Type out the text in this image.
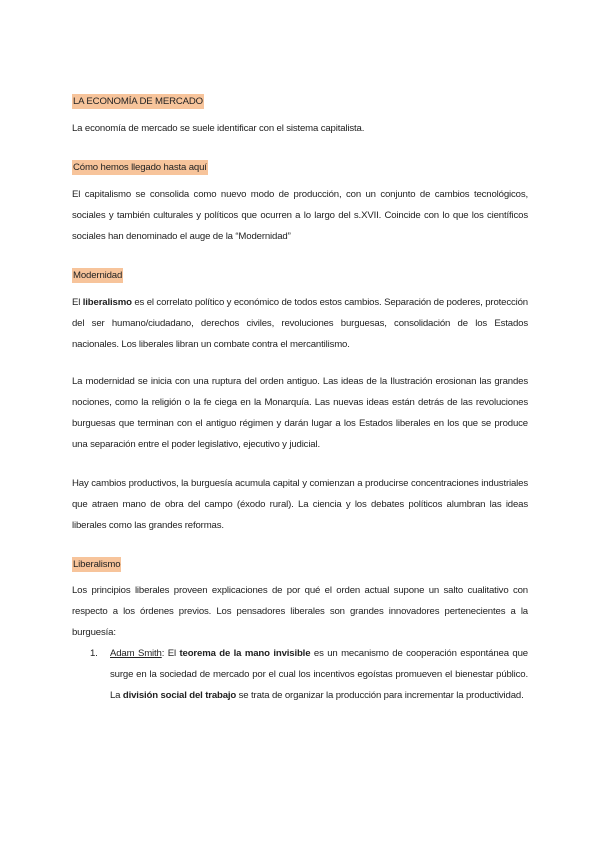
LA ECONOMÍA DE MERCADO
La economía de mercado se suele identificar con el sistema capitalista.
Cómo hemos llegado hasta aquí
El capitalismo se consolida como nuevo modo de producción, con un conjunto de cambios tecnológicos, sociales y también culturales y políticos que ocurren a lo largo del s.XVII. Coincide con lo que los científicos sociales han denominado el auge de la “Modernidad”
Modernidad
El liberalismo es el correlato político y económico de todos estos cambios. Separación de poderes, protección del ser humano/ciudadano, derechos civiles, revoluciones burguesas, consolidación de los Estados nacionales. Los liberales libran un combate contra el mercantilismo.
La modernidad se inicia con una ruptura del orden antiguo. Las ideas de la Ilustración erosionan las grandes nociones, como la religión o la fe ciega en la Monarquía. Las nuevas ideas están detrás de las revoluciones burguesas que terminan con el antiguo régimen y darán lugar a los Estados liberales en los que se produce una separación entre el poder legislativo, ejecutivo y judicial.
Hay cambios productivos, la burguesía acumula capital y comienzan a producirse concentraciones industriales que atraen mano de obra del campo (éxodo rural). La ciencia y los debates políticos alumbran las ideas liberales como las grandes reformas.
Liberalismo
Los principios liberales proveen explicaciones de por qué el orden actual supone un salto cualitativo con respecto a los órdenes previos. Los pensadores liberales son grandes innovadores pertenecientes a la burguesía:
1. Adam Smith: El teorema de la mano invisible es un mecanismo de cooperación espontánea que surge en la sociedad de mercado por el cual los incentivos egoístas promueven el bienestar público. La división social del trabajo se trata de organizar la producción para incrementar la productividad.
